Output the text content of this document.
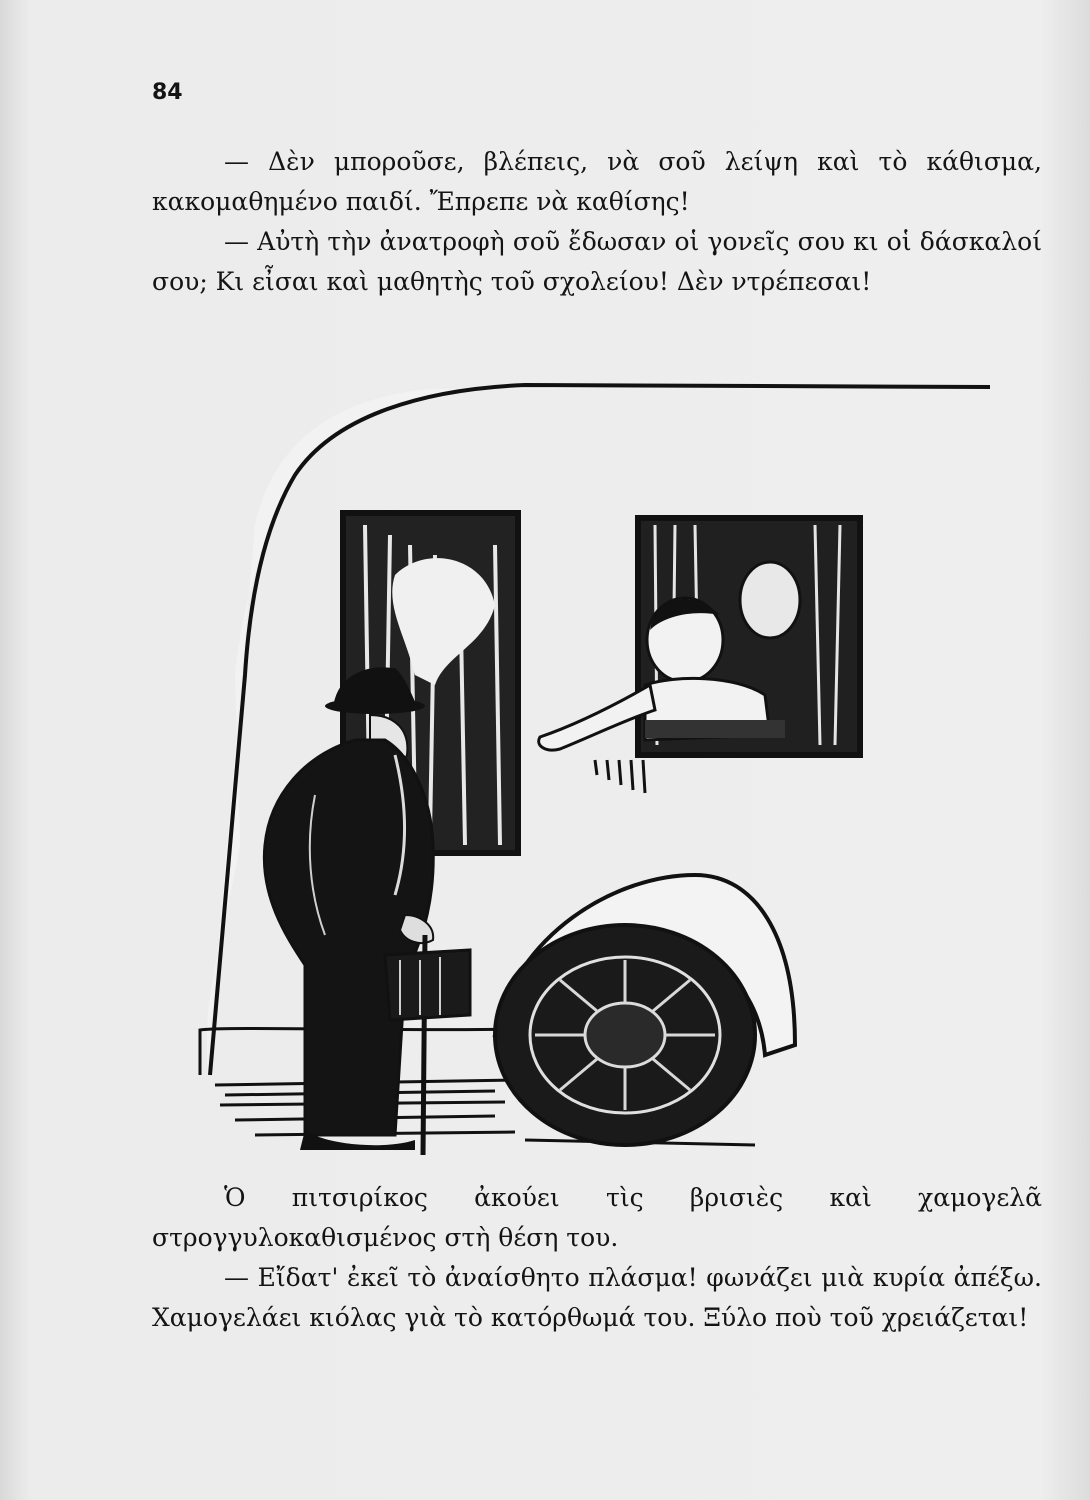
84

— Δὲν μποροῦσε, βλέπεις, νὰ σοῦ λείψη καὶ τὸ κάθισμα, κακομαθημένο παιδί. Ἔπρεπε νὰ καθίσης!

— Αὐτὴ τὴν ἀνατροφὴ σοῦ ἔδωσαν οἱ γονεῖς σου κι οἱ δάσκαλοί σου; Κι εἶσαι καὶ μαθητὴς τοῦ σχολείου! Δὲν ντρέπεσαι!

Ὁ πιτσιρίκος ἀκούει τὶς βρισιὲς καὶ χαμογελᾶ στρογγυλοκαθισμένος στὴ θέση του.

— Εἴδατ' ἐκεῖ τὸ ἀναίσθητο πλάσμα! φωνάζει μιὰ κυρία ἀπέξω. Χαμογελάει κιόλας γιὰ τὸ κατόρθωμά του. Ξύλο ποὺ τοῦ χρειάζεται!
